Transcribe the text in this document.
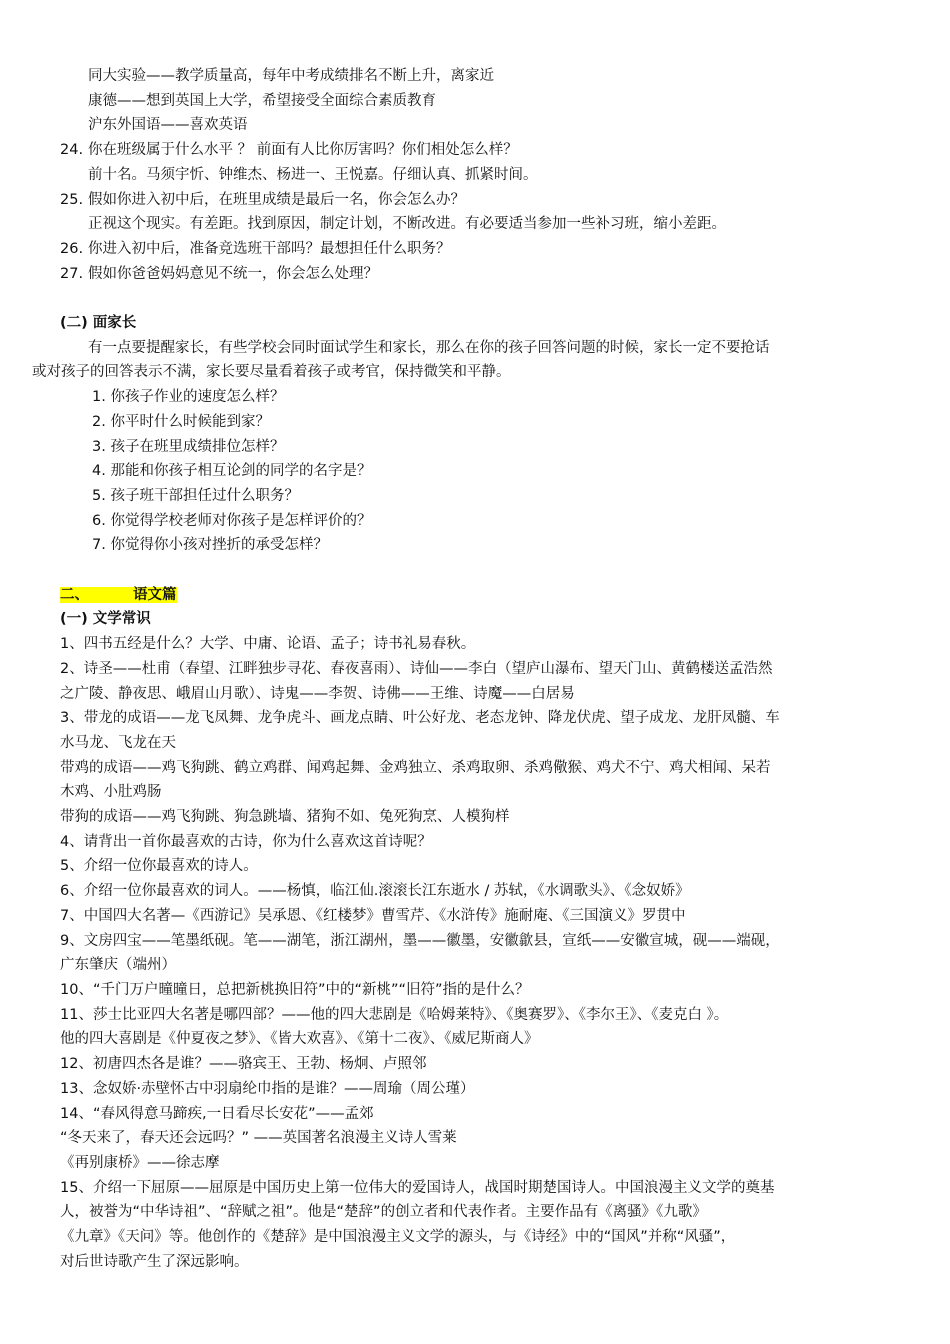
同大实验——教学质量高，每年中考成绩排名不断上升，离家近
康德——想到英国上大学，希望接受全面综合素质教育
沪东外国语——喜欢英语
24. 你在班级属于什么水平 ？ 前面有人比你厉害吗？你们相处怎么样？
前十名。马须宇忻、钟维杰、杨进一、王悦嘉。仔细认真、抓紧时间。
25. 假如你进入初中后，在班里成绩是最后一名，你会怎么办？
正视这个现实。有差距。找到原因，制定计划，不断改进。有必要适当参加一些补习班，缩小差距。
26. 你进入初中后，准备竞选班干部吗？最想担任什么职务？
27. 假如你爸爸妈妈意见不统一，你会怎么处理？
(二) 面家长
有一点要提醒家长，有些学校会同时面试学生和家长，那么在你的孩子回答问题的时候，家长一定不要抢话
或对孩子的回答表示不满，家长要尽量看着孩子或考官，保持微笑和平静。
1. 你孩子作业的速度怎么样？
2. 你平时什么时候能到家？
3. 孩子在班里成绩排位怎样？
4. 那能和你孩子相互论剑的同学的名字是？
5. 孩子班干部担任过什么职务？
6. 你觉得学校老师对你孩子是怎样评价的？
7. 你觉得你小孩对挫折的承受怎样？
二、	语文篇
(一) 文学常识
1、四书五经是什么？大学、中庸、论语、孟子；诗书礼易春秋。
2、诗圣——杜甫（春望、江畔独步寻花、春夜喜雨）、诗仙——李白（望庐山瀑布、望天门山、黄鹤楼送孟浩然
之广陵、静夜思、峨眉山月歌）、诗鬼——李贺、诗佛——王维、诗魔——白居易
3、带龙的成语——龙飞凤舞、龙争虎斗、画龙点睛、叶公好龙、老态龙钟、降龙伏虎、望子成龙、龙肝凤髓、车
水马龙、飞龙在天
带鸡的成语——鸡飞狗跳、鹤立鸡群、闻鸡起舞、金鸡独立、杀鸡取卵、杀鸡儆猴、鸡犬不宁、鸡犬相闻、呆若
木鸡、小肚鸡肠
带狗的成语——鸡飞狗跳、狗急跳墙、猪狗不如、兔死狗烹、人模狗样
4、请背出一首你最喜欢的古诗，你为什么喜欢这首诗呢？
5、介绍一位你最喜欢的诗人。
6、介绍一位你最喜欢的词人。——杨慎，临江仙.滚滚长江东逝水 / 苏轼，《水调歌头》、《念奴娇》
7、中国四大名著—《西游记》吴承恩、《红楼梦》曹雪芹、《水浒传》施耐庵、《三国演义》罗贯中
9、文房四宝——笔墨纸砚。笔——湖笔，浙江湖州，墨——徽墨，安徽歙县，宣纸——安徽宣城，砚——端砚，
广东肇庆（端州）
10、“千门万户曈曈日，总把新桃换旧符”中的“新桃”“旧符”指的是什么？
11、莎士比亚四大名著是哪四部？——他的四大悲剧是《哈姆莱特》、《奥赛罗》、《李尔王》、《麦克白 》。
他的四大喜剧是《仲夏夜之梦》、《皆大欢喜》、《第十二夜》、《威尼斯商人》
12、初唐四杰各是谁？——骆宾王、王勃、杨炯、卢照邻
13、念奴娇·赤壁怀古中羽扇纶巾指的是谁？——周瑜（周公瑾）
14、“春风得意马蹄疾,一日看尽长安花”——孟郊
“冬天来了，春天还会远吗？” ——英国著名浪漫主义诗人雪莱
《再别康桥》——徐志摩
15、介绍一下屈原——屈原是中国历史上第一位伟大的爱国诗人，战国时期楚国诗人。中国浪漫主义文学的奠基
人，被誉为“中华诗祖”、“辞赋之祖”。他是“楚辞”的创立者和代表作者。主要作品有《离骚》《九歌》
《九章》《天问》等。他创作的《楚辞》是中国浪漫主义文学的源头，与《诗经》中的“国风”并称“风骚”，
对后世诗歌产生了深远影响。
